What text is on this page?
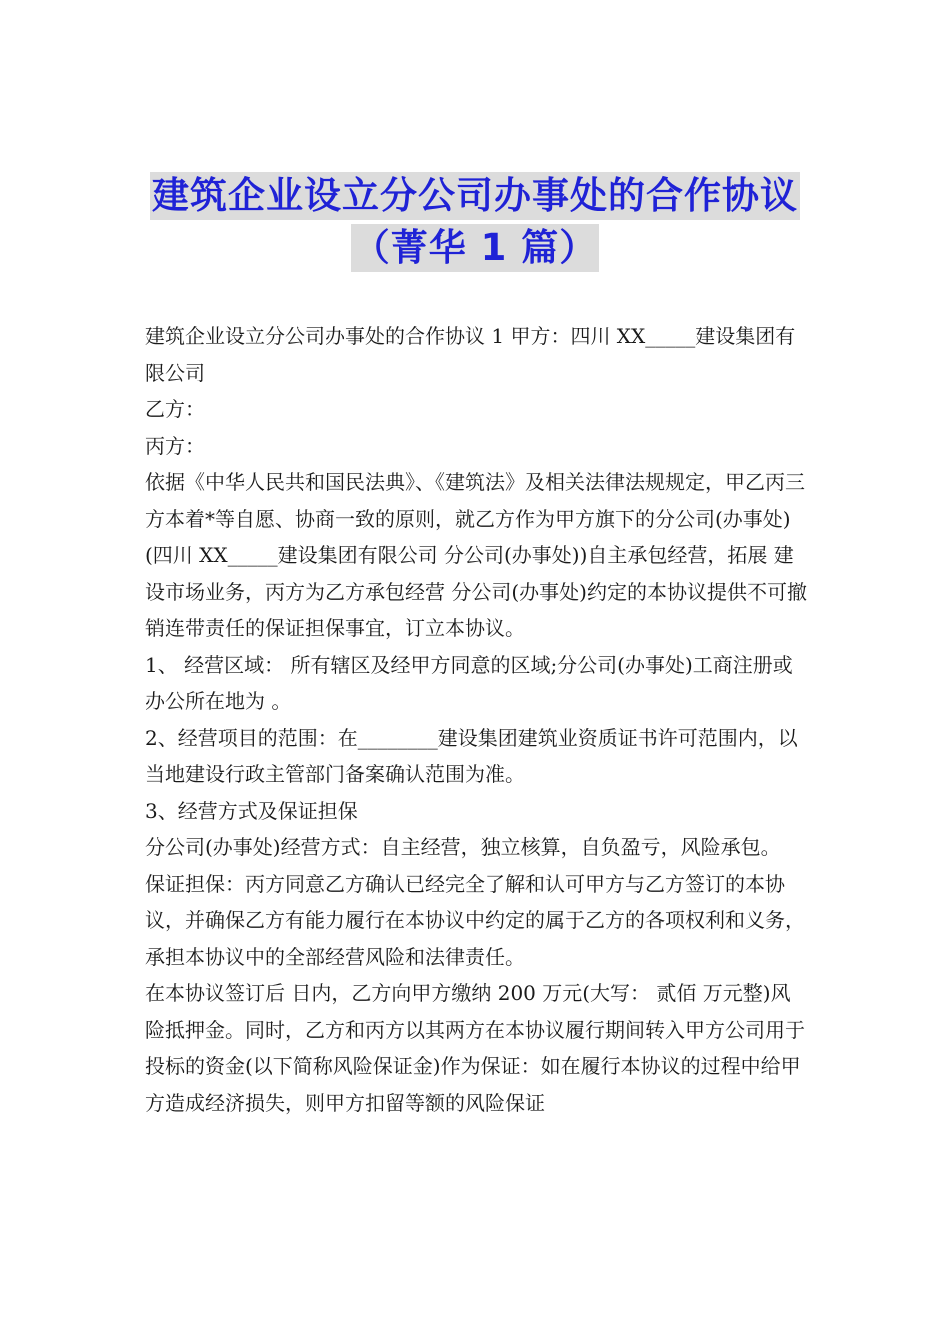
建筑企业设立分公司办事处的合作协议
（菁华 1 篇）

建筑企业设立分公司办事处的合作协议 1 甲方：四川 XX_____建设集团有限公司

乙方：

丙方：

依据《中华人民共和国民法典》、《建筑法》及相关法律法规规定，甲乙丙三方本着*等自愿、协商一致的原则，就乙方作为甲方旗下的分公司(办事处)(四川 XX_____建设集团有限公司 分公司(办事处))自主承包经营，拓展 建设市场业务，丙方为乙方承包经营 分公司(办事处)约定的本协议提供不可撤销连带责任的保证担保事宜，订立本协议。

1、 经营区域： 所有辖区及经甲方同意的区域;分公司(办事处)工商注册或办公所在地为 。

2、经营项目的范围：在________建设集团建筑业资质证书许可范围内，以当地建设行政主管部门备案确认范围为准。

3、经营方式及保证担保

分公司(办事处)经营方式：自主经营，独立核算，自负盈亏，风险承包。

保证担保：丙方同意乙方确认已经完全了解和认可甲方与乙方签订的本协议，并确保乙方有能力履行在本协议中约定的属于乙方的各项权利和义务，承担本协议中的全部经营风险和法律责任。

在本协议签订后 日内，乙方向甲方缴纳 200 万元(大写： 贰佰 万元整)风险抵押金。同时，乙方和丙方以其两方在本协议履行期间转入甲方公司用于投标的资金(以下简称风险保证金)作为保证：如在履行本协议的过程中给甲方造成经济损失，则甲方扣留等额的风险保证
